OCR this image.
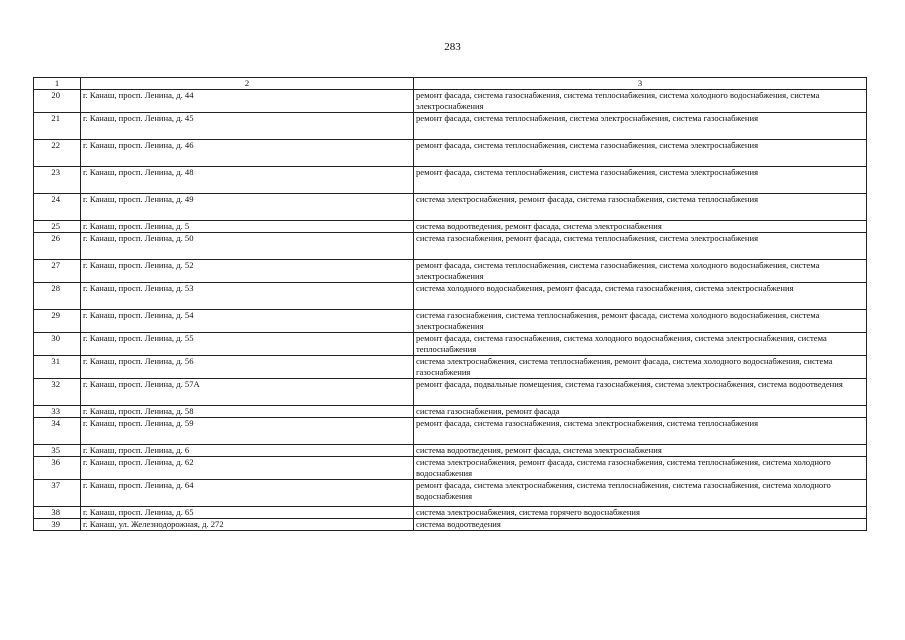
283
1	2	3
20	г. Канаш, просп. Ленина, д. 44	ремонт фасада, система газоснабжения, система теплоснабжения, система холодного водоснабжения, система электроснабжения
21	г. Канаш, просп. Ленина, д. 45	ремонт фасада, система теплоснабжения, система электроснабжения, система газоснабжения
22	г. Канаш, просп. Ленина, д. 46	ремонт фасада, система теплоснабжения, система газоснабжения, система электроснабжения
23	г. Канаш, просп. Ленина, д. 48	ремонт фасада, система теплоснабжения, система газоснабжения, система электроснабжения
24	г. Канаш, просп. Ленина, д. 49	система электроснабжения, ремонт фасада, система газоснабжения, система теплоснабжения
25	г. Канаш, просп. Ленина, д. 5	система водоотведения, ремонт фасада, система электроснабжения
26	г. Канаш, просп. Ленина, д. 50	система газоснабжения, ремонт фасада, система теплоснабжения, система электроснабжения
27	г. Канаш, просп. Ленина, д. 52	ремонт фасада, система теплоснабжения, система газоснабжения, система холодного водоснабжения, система электроснабжения
28	г. Канаш, просп. Ленина, д. 53	система холодного водоснабжения, ремонт фасада, система газоснабжения, система электроснабжения
29	г. Канаш, просп. Ленина, д. 54	система газоснабжения, система теплоснабжения, ремонт фасада, система холодного водоснабжения, система электроснабжения
30	г. Канаш, просп. Ленина, д. 55	ремонт фасада, система газоснабжения, система холодного водоснабжения, система электроснабжения, система теплоснабжения
31	г. Канаш, просп. Ленина, д. 56	система электроснабжения, система теплоснабжения, ремонт фасада, система холодного водоснабжения, система газоснабжения
32	г. Канаш, просп. Ленина, д. 57А	ремонт фасада, подвальные помещения, система газоснабжения, система электроснабжения, система водоотведения
33	г. Канаш, просп. Ленина, д. 58	система газоснабжения, ремонт фасада
34	г. Канаш, просп. Ленина, д. 59	ремонт фасада, система газоснабжения, система электроснабжения, система теплоснабжения
35	г. Канаш, просп. Ленина, д. 6	система водоотведения, ремонт фасада, система электроснабжения
36	г. Канаш, просп. Ленина, д. 62	система электроснабжения, ремонт фасада, система газоснабжения, система теплоснабжения, система холодного водоснабжения
37	г. Канаш, просп. Ленина, д. 64	ремонт фасада, система электроснабжения, система теплоснабжения, система газоснабжения, система холодного водоснабжения
38	г. Канаш, просп. Ленина, д. 65	система электроснабжения, система горячего водоснабжения
39	г. Канаш, ул. Железнодорожная, д. 272	система водоотведения
